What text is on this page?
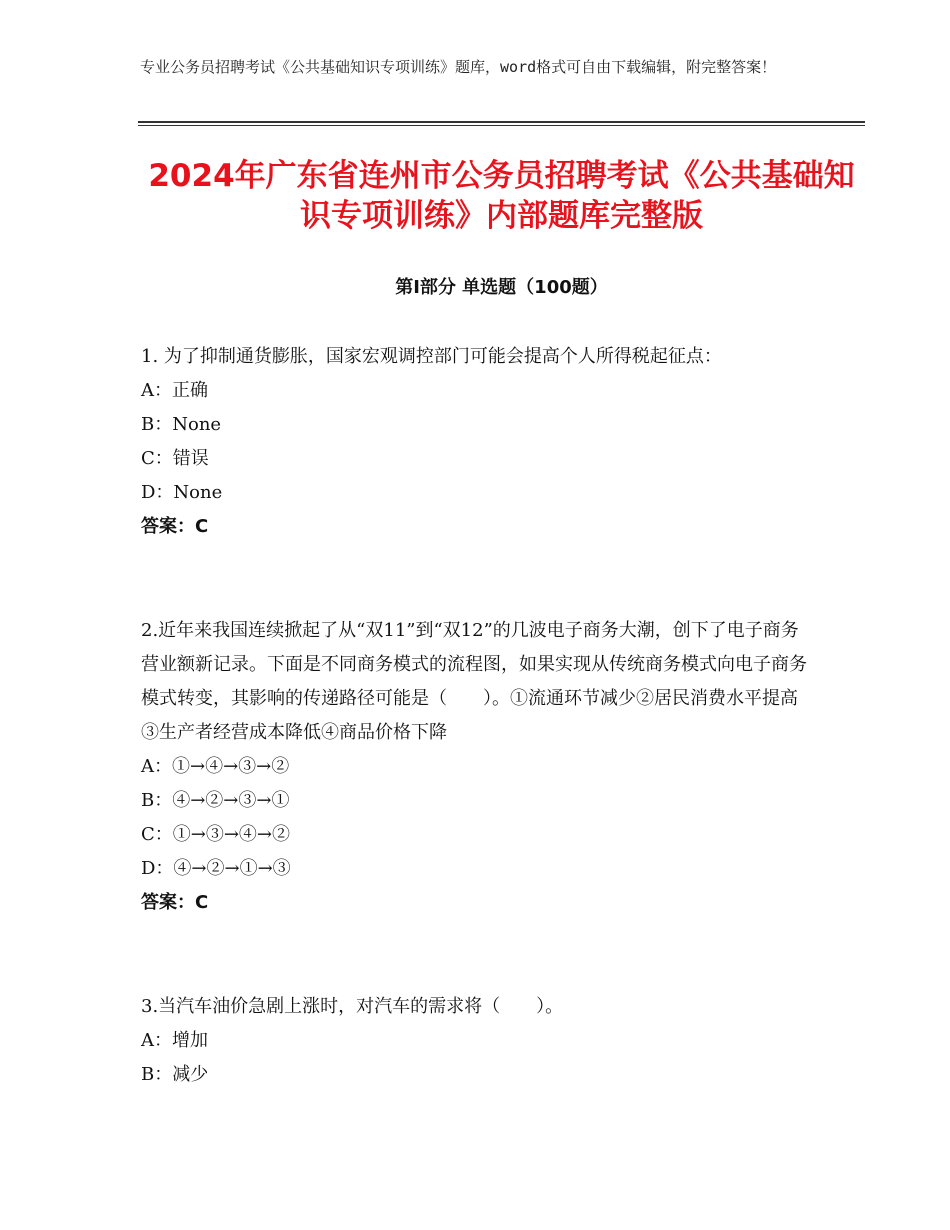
专业公务员招聘考试《公共基础知识专项训练》题库，word格式可自由下载编辑，附完整答案！
2024年广东省连州市公务员招聘考试《公共基础知识专项训练》内部题库完整版
第Ⅰ部分 单选题（100题）

1. 为了抑制通货膨胀，国家宏观调控部门可能会提高个人所得税起征点：

A：正确

B：None

C：错误

D：None

答案：C

2.近年来我国连续掀起了从“双11”到“双12”的几波电子商务大潮，创下了电子商务营业额新记录。下面是不同商务模式的流程图，如果实现从传统商务模式向电子商务模式转变，其影响的传递路径可能是（　　）。①流通环节减少②居民消费水平提高③生产者经营成本降低④商品价格下降

A：①→④→③→②

B：④→②→③→①

C：①→③→④→②

D：④→②→①→③

答案：C

3.当汽车油价急剧上涨时，对汽车的需求将（　　）。

A：增加

B：减少
